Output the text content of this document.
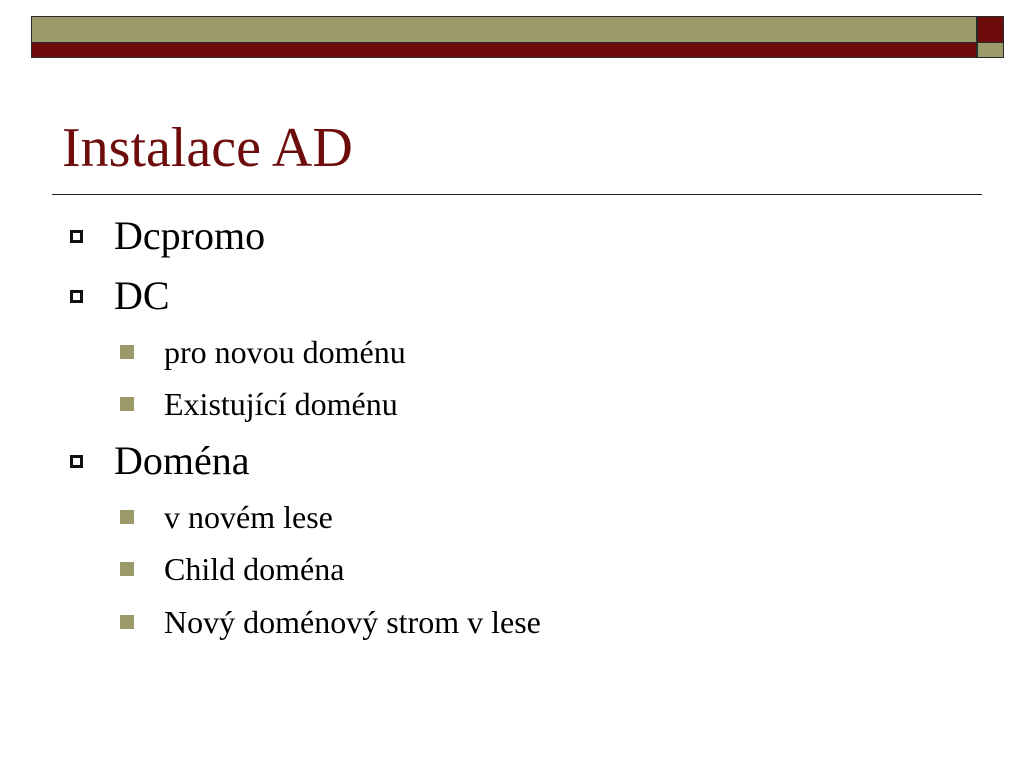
Instalace AD
Dcpromo
DC
pro novou doménu
Existující doménu
Doména
v novém lese
Child doména
Nový doménový strom v lese
